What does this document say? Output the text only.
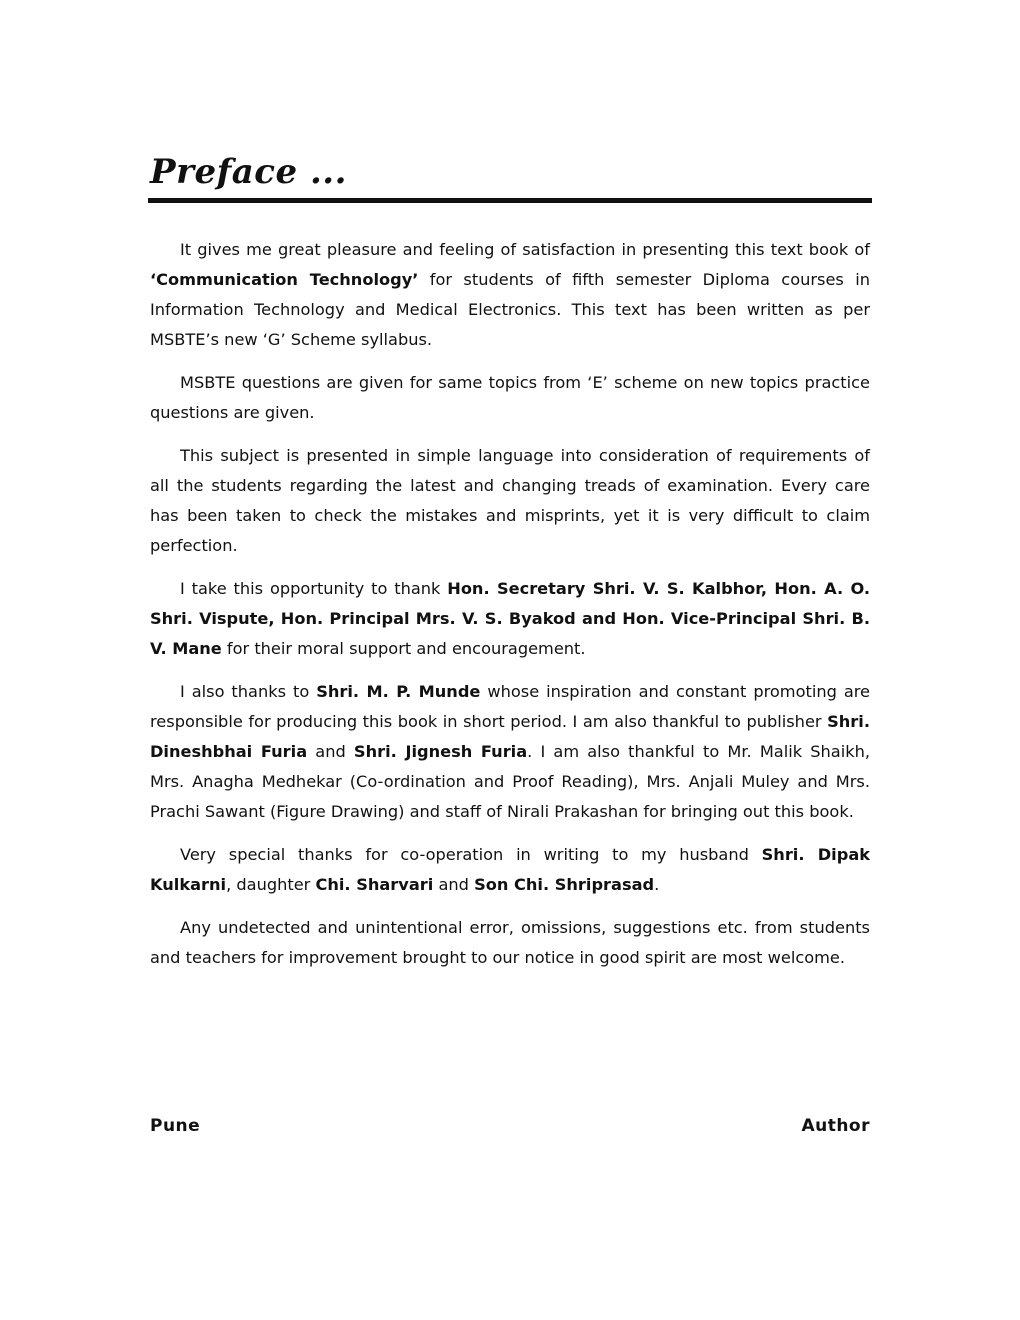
Preface ...

It gives me great pleasure and feeling of satisfaction in presenting this text book of ‘Communication Technology’ for students of fifth semester Diploma courses in Information Technology and Medical Electronics. This text has been written as per MSBTE’s new ‘G’ Scheme syllabus.

MSBTE questions are given for same topics from ‘E’ scheme on new topics practice questions are given.

This subject is presented in simple language into consideration of requirements of all the students regarding the latest and changing treads of examination. Every care has been taken to check the mistakes and misprints, yet it is very difficult to claim perfection.

I take this opportunity to thank Hon. Secretary Shri. V. S. Kalbhor, Hon. A. O. Shri. Vispute, Hon. Principal Mrs. V. S. Byakod and Hon. Vice-Principal Shri. B. V. Mane for their moral support and encouragement.

I also thanks to Shri. M. P. Munde whose inspiration and constant promoting are responsible for producing this book in short period. I am also thankful to publisher Shri. Dineshbhai Furia and Shri. Jignesh Furia. I am also thankful to Mr. Malik Shaikh, Mrs. Anagha Medhekar (Co-ordination and Proof Reading), Mrs. Anjali Muley and Mrs. Prachi Sawant (Figure Drawing) and staff of Nirali Prakashan for bringing out this book.

Very special thanks for co-operation in writing to my husband Shri. Dipak Kulkarni, daughter Chi. Sharvari and Son Chi. Shriprasad.

Any undetected and unintentional error, omissions, suggestions etc. from students and teachers for improvement brought to our notice in good spirit are most welcome.

Pune	Author
